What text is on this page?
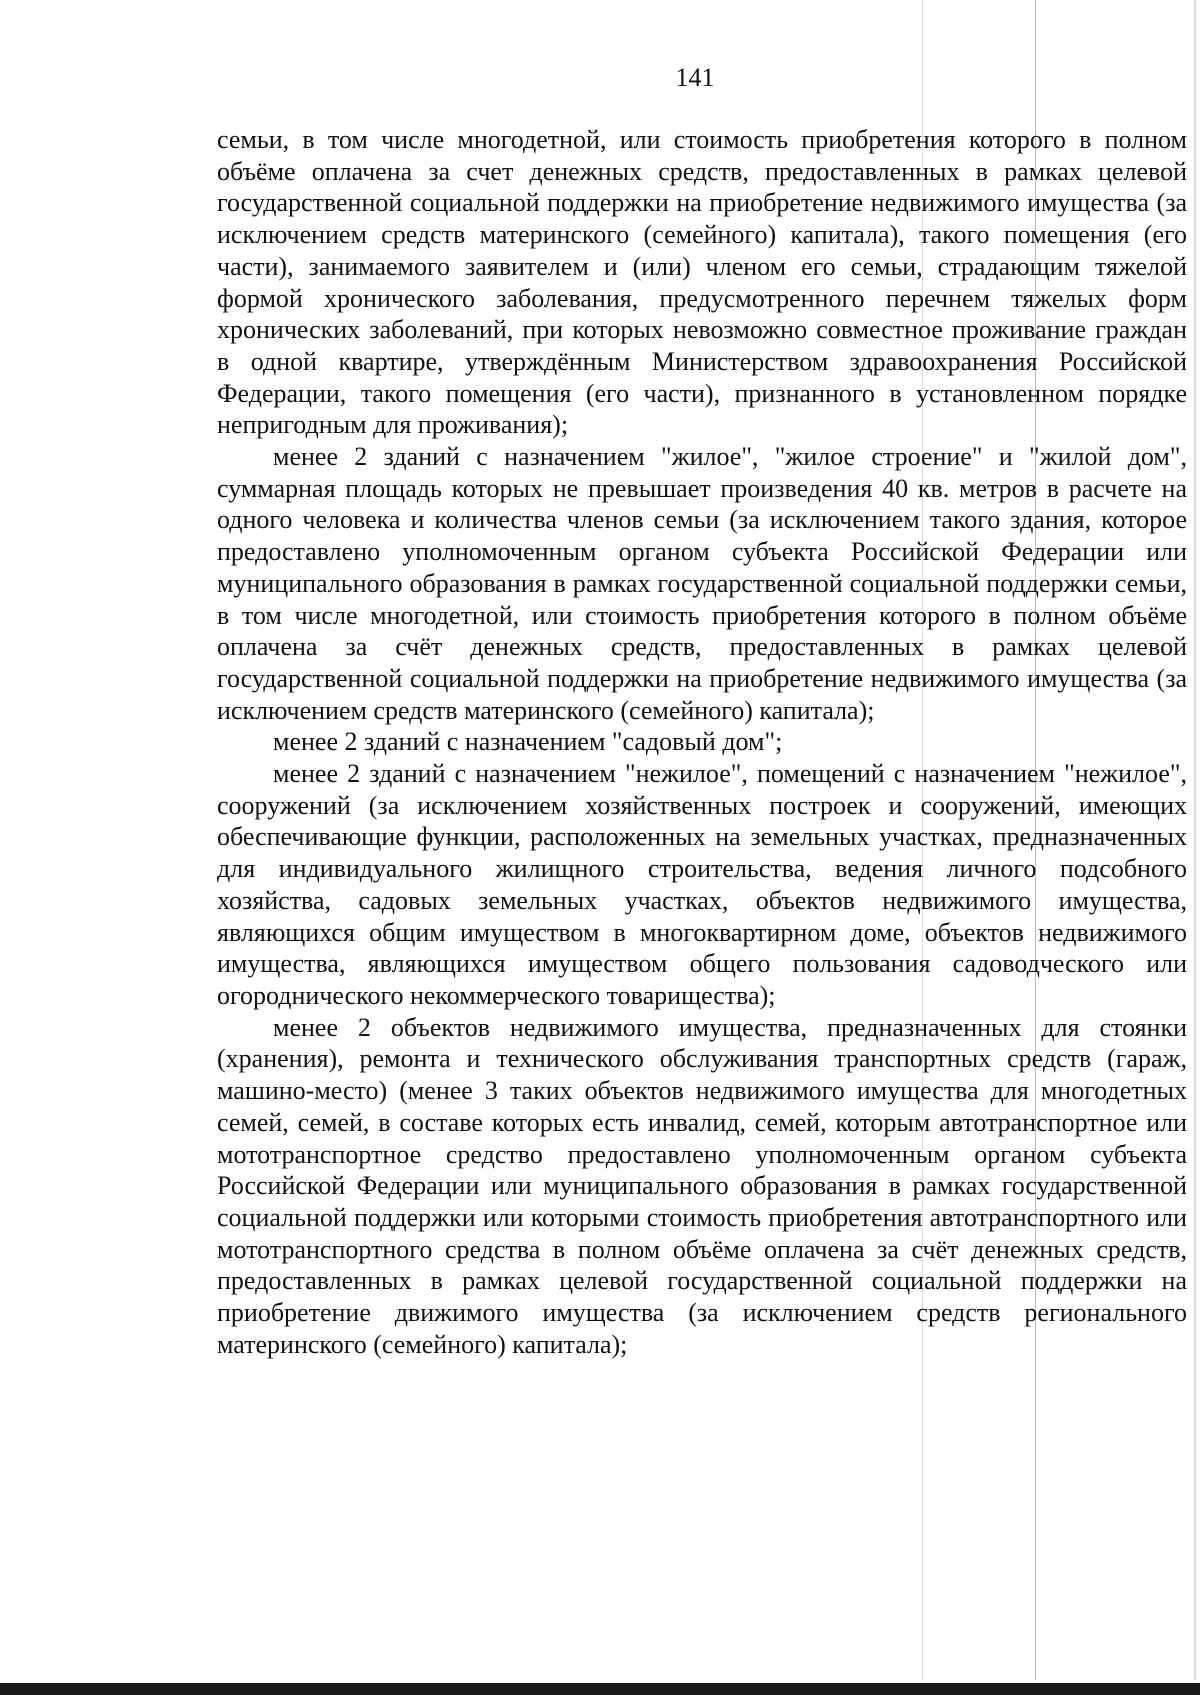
141

семьи, в том числе многодетной, или стоимость приобретения которого в полном объёме оплачена за счет денежных средств, предоставленных в рамках целевой государственной социальной поддержки на приобретение недвижимого имущества (за исключением средств материнского (семейного) капитала), такого помещения (его части), занимаемого заявителем и (или) членом его семьи, страдающим тяжелой формой хронического заболевания, предусмотренного перечнем тяжелых форм хронических заболеваний, при которых невозможно совместное проживание граждан в одной квартире, утверждённым Министерством здравоохранения Российской Федерации, такого помещения (его части), признанного в установленном порядке непригодным для проживания);

менее 2 зданий с назначением "жилое", "жилое строение" и "жилой дом", суммарная площадь которых не превышает произведения 40 кв. метров в расчете на одного человека и количества членов семьи (за исключением такого здания, которое предоставлено уполномоченным органом субъекта Российской Федерации или муниципального образования в рамках государственной социальной поддержки семьи, в том числе многодетной, или стоимость приобретения которого в полном объёме оплачена за счёт денежных средств, предоставленных в рамках целевой государственной социальной поддержки на приобретение недвижимого имущества (за исключением средств материнского (семейного) капитала);

менее 2 зданий с назначением "садовый дом";

менее 2 зданий с назначением "нежилое", помещений с назначением "нежилое", сооружений (за исключением хозяйственных построек и сооружений, имеющих обеспечивающие функции, расположенных на земельных участках, предназначенных для индивидуального жилищного строительства, ведения личного подсобного хозяйства, садовых земельных участках, объектов недвижимого имущества, являющихся общим имуществом в многоквартирном доме, объектов недвижимого имущества, являющихся имуществом общего пользования садоводческого или огороднического некоммерческого товарищества);

менее 2 объектов недвижимого имущества, предназначенных для стоянки (хранения), ремонта и технического обслуживания транспортных средств (гараж, машино-место) (менее 3 таких объектов недвижимого имущества для многодетных семей, семей, в составе которых есть инвалид, семей, которым автотранспортное или мототранспортное средство предоставлено уполномоченным органом субъекта Российской Федерации или муниципального образования в рамках государственной социальной поддержки или которыми стоимость приобретения автотранспортного или мототранспортного средства в полном объёме оплачена за счёт денежных средств, предоставленных в рамках целевой государственной социальной поддержки на приобретение движимого имущества (за исключением средств регионального материнского (семейного) капитала);
